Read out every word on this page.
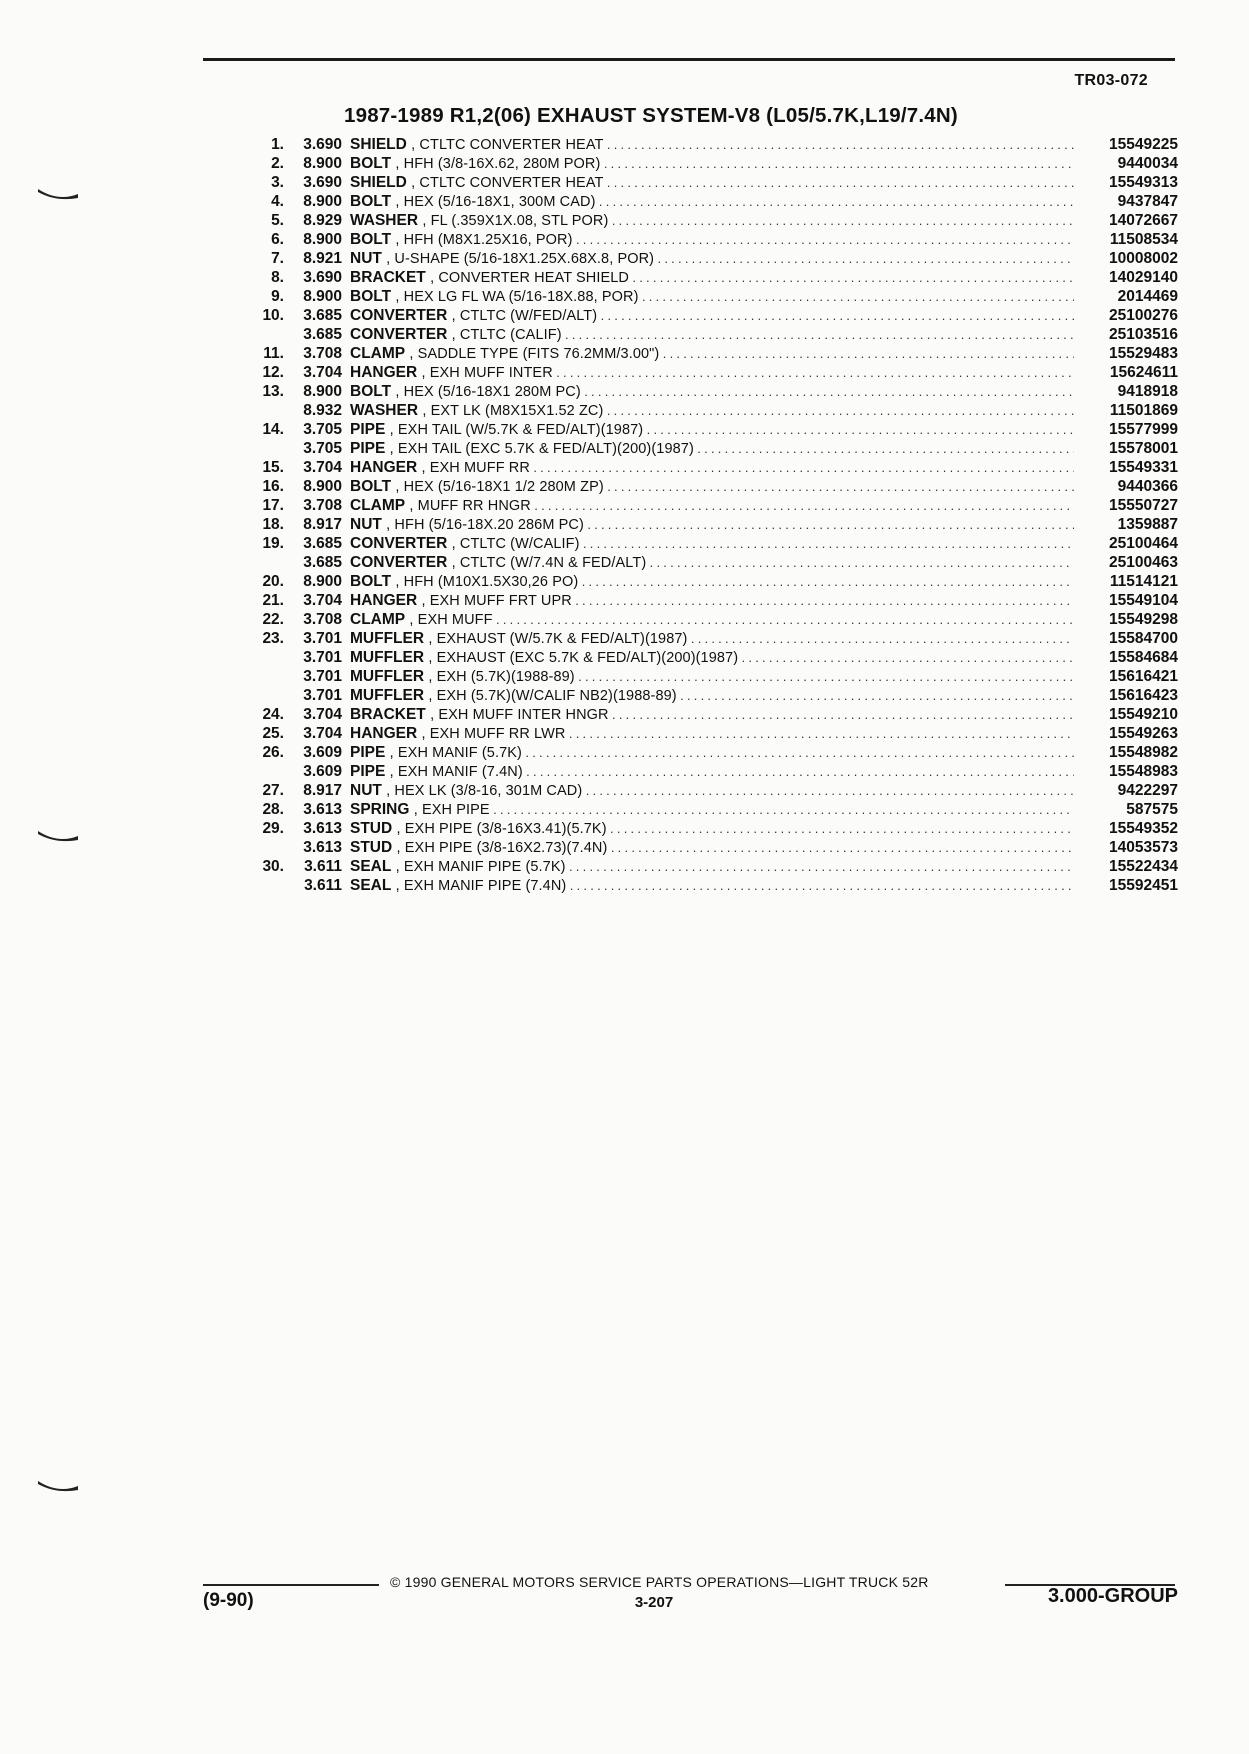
TR03-072
1987-1989 R1,2(06) EXHAUST SYSTEM-V8 (L05/5.7K,L19/7.4N)
1.	3.690 SHIELD , CTLTC CONVERTER HEAT . . .	15549225
2.	8.900 BOLT , HFH (3/8-16X.62, 280M POR) . . .	9440034
3.	3.690 SHIELD , CTLTC CONVERTER HEAT . . .	15549313
4.	8.900 BOLT , HEX (5/16-18X1, 300M CAD) . . .	9437847
5.	8.929 WASHER , FL (.359X1X.08, STL POR) . . .	14072667
6.	8.900 BOLT , HFH (M8X1.25X16, POR) . . .	11508534
7.	8.921 NUT , U-SHAPE (5/16-18X1.25X.68X.8, POR) . . .	10008002
8.	3.690 BRACKET , CONVERTER HEAT SHIELD . . .	14029140
9.	8.900 BOLT , HEX LG FL WA (5/16-18X.88, POR) . . .	2014469
10.	3.685 CONVERTER , CTLTC (W/FED/ALT) . . .	25100276
3.685 CONVERTER , CTLTC (CALIF) . . .	25103516
11.	3.708 CLAMP , SADDLE TYPE (FITS 76.2MM/3.00") . . .	15529483
12.	3.704 HANGER , EXH MUFF INTER . . .	15624611
13.	8.900 BOLT , HEX (5/16-18X1 280M PC) . . .	9418918
8.932 WASHER , EXT LK (M8X15X1.52 ZC) . . .	11501869
14.	3.705 PIPE , EXH TAIL (W/5.7K & FED/ALT)(1987) . . .	15577999
3.705 PIPE , EXH TAIL (EXC 5.7K & FED/ALT)(200)(1987) . . .	15578001
15.	3.704 HANGER , EXH MUFF RR . . .	15549331
16.	8.900 BOLT , HEX (5/16-18X1 1/2 280M ZP) . . .	9440366
17.	3.708 CLAMP , MUFF RR HNGR . . .	15550727
18.	8.917 NUT , HFH (5/16-18X.20 286M PC) . . .	1359887
19.	3.685 CONVERTER , CTLTC (W/CALIF) . . .	25100464
3.685 CONVERTER , CTLTC (W/7.4N & FED/ALT) . . .	25100463
20.	8.900 BOLT , HFH (M10X1.5X30,26 PO) . . .	11514121
21.	3.704 HANGER , EXH MUFF FRT UPR . . .	15549104
22.	3.708 CLAMP , EXH MUFF . . .	15549298
23.	3.701 MUFFLER , EXHAUST (W/5.7K & FED/ALT)(1987) . . .	15584700
3.701 MUFFLER , EXHAUST (EXC 5.7K & FED/ALT)(200)(1987) . . .	15584684
3.701 MUFFLER , EXH (5.7K)(1988-89) . . .	15616421
3.701 MUFFLER , EXH (5.7K)(W/CALIF NB2)(1988-89) . . .	15616423
24.	3.704 BRACKET , EXH MUFF INTER HNGR . . .	15549210
25.	3.704 HANGER , EXH MUFF RR LWR . . .	15549263
26.	3.609 PIPE , EXH MANIF (5.7K) . . .	15548982
3.609 PIPE , EXH MANIF (7.4N) . . .	15548983
27.	8.917 NUT , HEX LK (3/8-16, 301M CAD) . . .	9422297
28.	3.613 SPRING , EXH PIPE . . .	587575
29.	3.613 STUD , EXH PIPE (3/8-16X3.41)(5.7K) . . .	15549352
3.613 STUD , EXH PIPE (3/8-16X2.73)(7.4N) . . .	14053573
30.	3.611 SEAL , EXH MANIF PIPE (5.7K) . . .	15522434
3.611 SEAL , EXH MANIF PIPE (7.4N) . . .	15592451
(9-90)
© 1990 GENERAL MOTORS SERVICE PARTS OPERATIONS—LIGHT TRUCK 52R
3-207	3.000-GROUP
